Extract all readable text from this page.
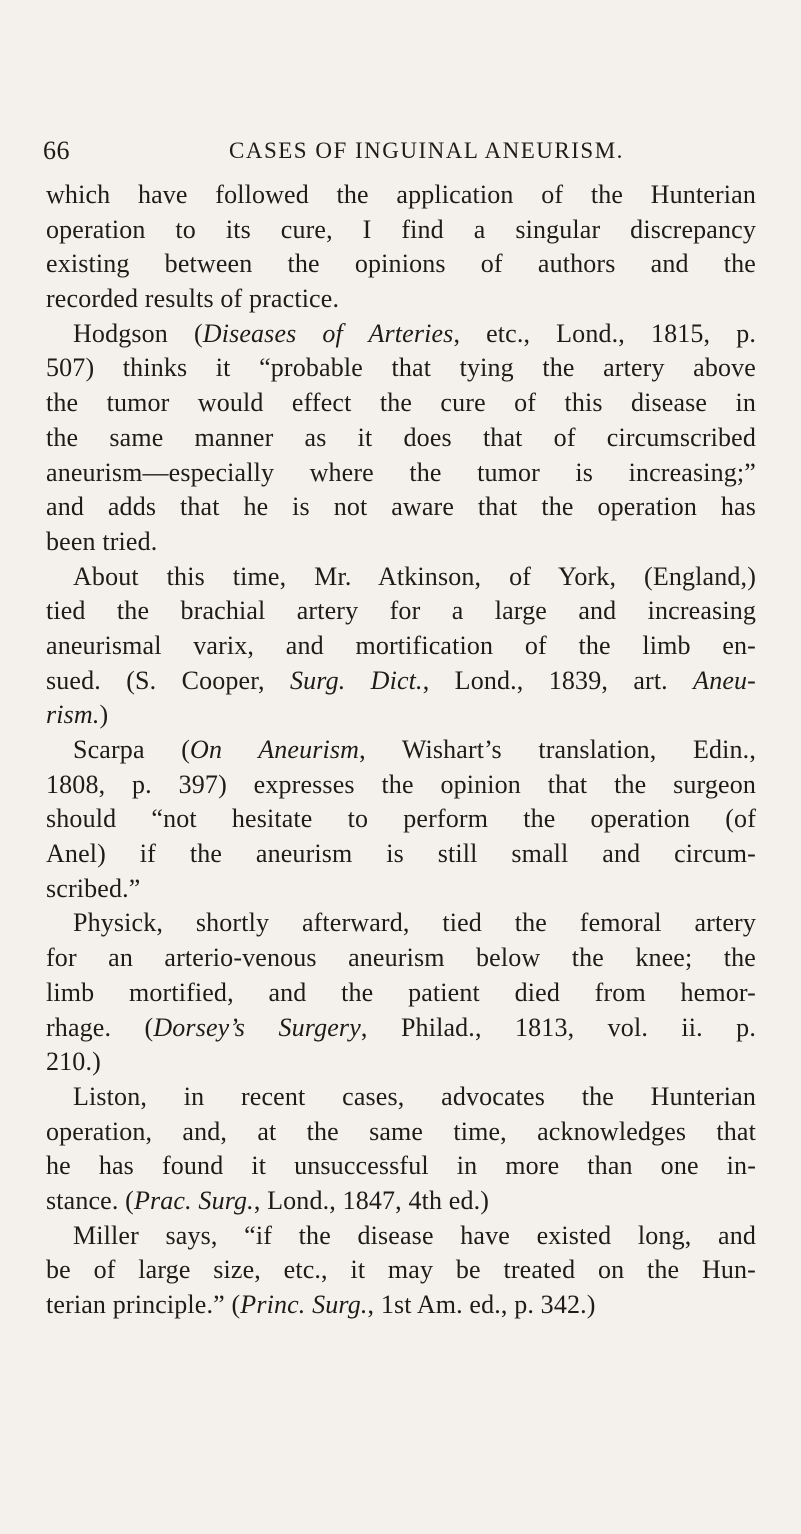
66	CASES OF INGUINAL ANEURISM.
which have followed the application of the Hunterian
operation to its cure, I find a singular discrepancy
existing between the opinions of authors and the
recorded results of practice.
Hodgson (Diseases of Arteries, etc., Lond., 1815, p.
507) thinks it “probable that tying the artery above
the tumor would effect the cure of this disease in
the same manner as it does that of circumscribed
aneurism—especially where the tumor is increasing;”
and adds that he is not aware that the operation has
been tried.
About this time, Mr. Atkinson, of York, (England,)
tied the brachial artery for a large and increasing
aneurismal varix, and mortification of the limb en-
sued. (S. Cooper, Surg. Dict., Lond., 1839, art. Aneu-
rism.)
Scarpa (On Aneurism, Wishart’s translation, Edin.,
1808, p. 397) expresses the opinion that the surgeon
should “not hesitate to perform the operation (of
Anel) if the aneurism is still small and circum-
scribed.”
Physick, shortly afterward, tied the femoral artery
for an arterio-venous aneurism below the knee; the
limb mortified, and the patient died from hemor-
rhage. (Dorsey’s Surgery, Philad., 1813, vol. ii. p.
210.)
Liston, in recent cases, advocates the Hunterian
operation, and, at the same time, acknowledges that
he has found it unsuccessful in more than one in-
stance. (Prac. Surg., Lond., 1847, 4th ed.)
Miller says, “if the disease have existed long, and
be of large size, etc., it may be treated on the Hun-
terian principle.” (Princ. Surg., 1st Am. ed., p. 342.)
